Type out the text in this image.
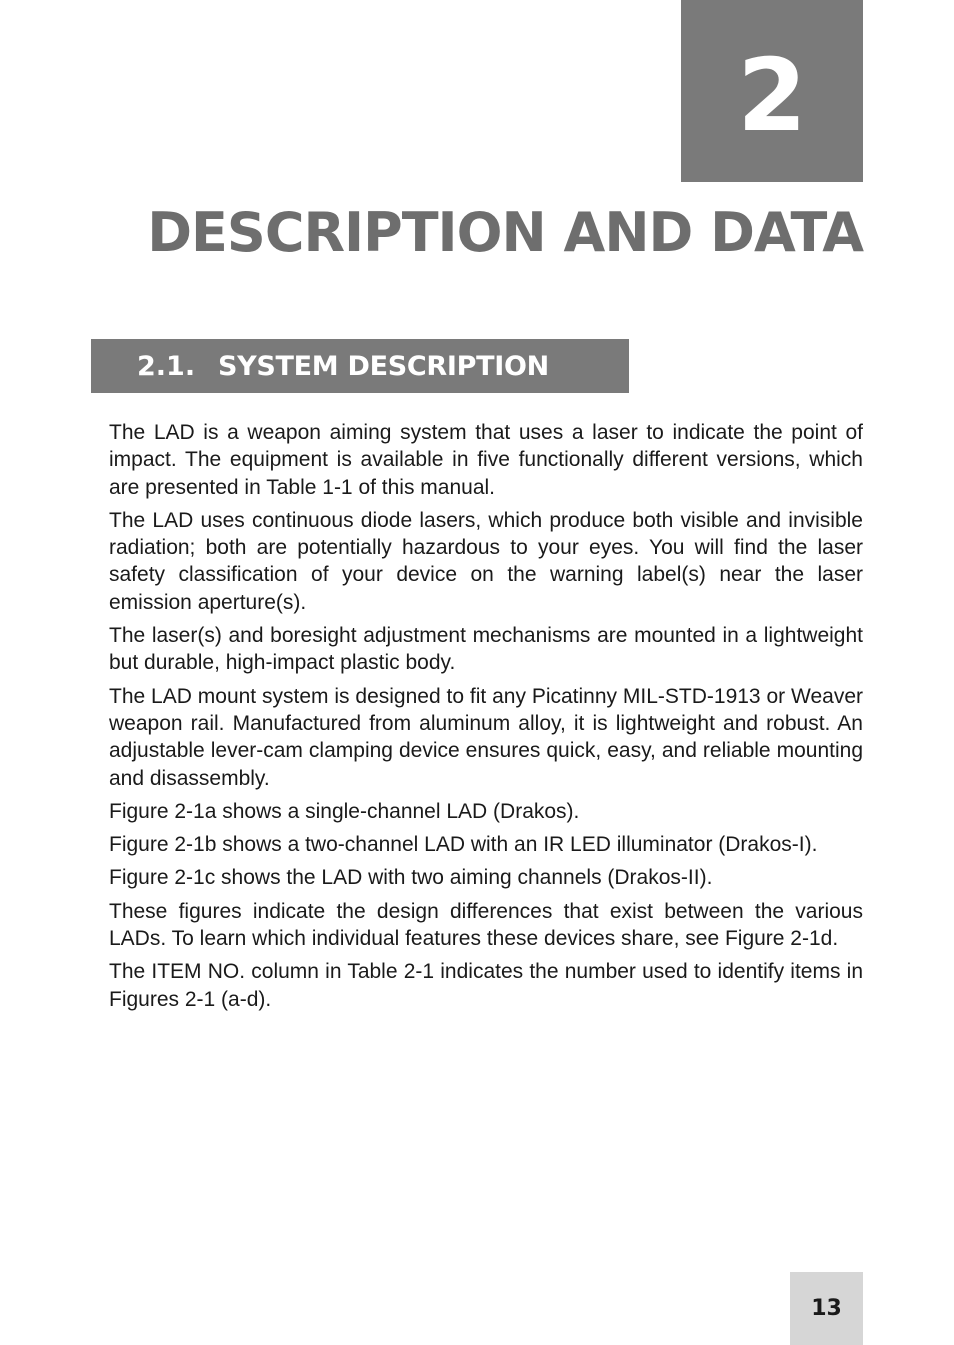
2
DESCRIPTION AND DATA
2.1. SYSTEM DESCRIPTION

The LAD is a weapon aiming system that uses a laser to indicate the point of impact. The equipment is available in five functionally different versions, which are presented in Table 1-1 of this manual.

The LAD uses continuous diode lasers, which produce both visible and invisible radiation; both are potentially hazardous to your eyes. You will find the laser safety classification of your device on the warning label(s) near the laser emission aperture(s).

The laser(s) and boresight adjustment mechanisms are mounted in a lightweight but durable, high-impact plastic body.

The LAD mount system is designed to fit any Picatinny MIL-STD-1913 or Weaver weapon rail. Manufactured from aluminum alloy, it is lightweight and robust. An adjustable lever-cam clamping device ensures quick, easy, and reliable mounting and disassembly.

Figure 2-1a shows a single-channel LAD (Drakos).

Figure 2-1b shows a two-channel LAD with an IR LED illuminator (Drakos-I).

Figure 2-1c shows the LAD with two aiming channels (Drakos-II).

These figures indicate the design differences that exist between the various LADs. To learn which individual features these devices share, see Figure 2-1d.

The ITEM NO. column in Table 2-1 indicates the number used to identify items in Figures 2-1 (a-d).

13
